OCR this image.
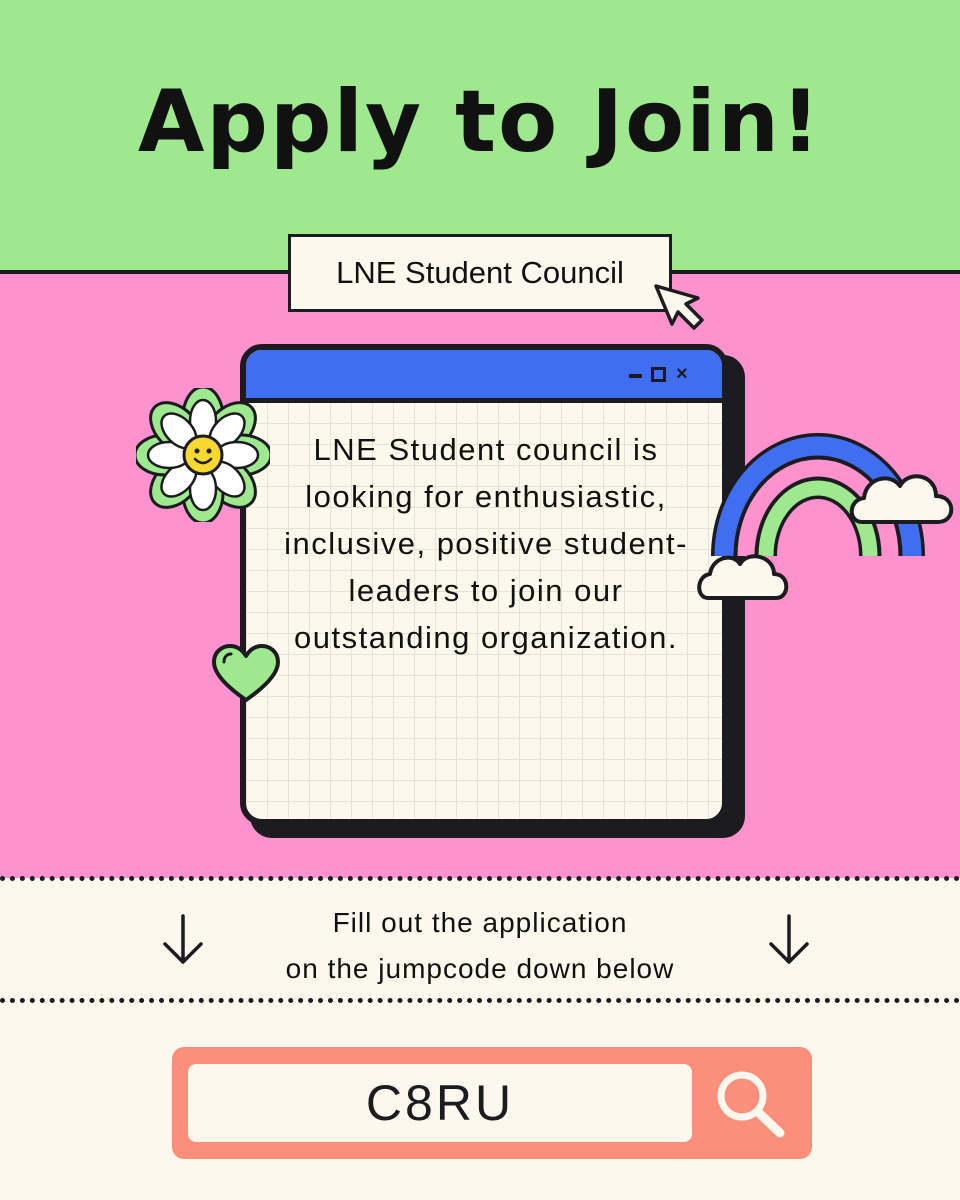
Apply to Join!
LNE Student Council
×

LNE Student council is looking for enthusiastic, inclusive, positive student-leaders to join our outstanding organization.

Fill out the application
on the jumpcode down below

C8RU
